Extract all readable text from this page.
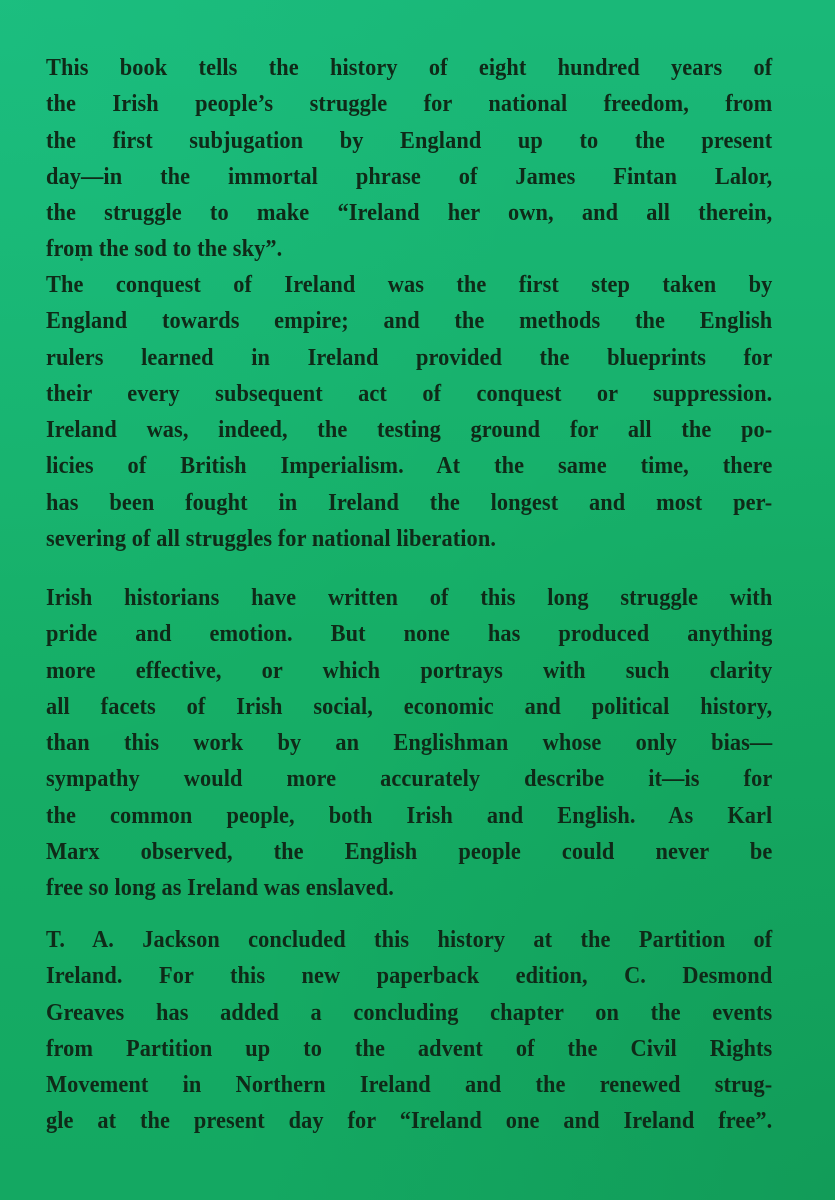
This book tells the history of eight hundred years of
the Irish people’s struggle for national freedom, from
the first subjugation by England up to the present
day—in the immortal phrase of James Fintan Lalor,
the struggle to make “Ireland her own, and all therein,
from the sod to the sky”.
The conquest of Ireland was the first step taken by
England towards empire; and the methods the English
rulers learned in Ireland provided the blueprints for
their every subsequent act of conquest or suppression.
Ireland was, indeed, the testing ground for all the po-
licies of British Imperialism. At the same time, there
has been fought in Ireland the longest and most per-
severing of all struggles for national liberation.
Irish historians have written of this long struggle with
pride and emotion. But none has produced anything
more effective, or which portrays with such clarity
all facets of Irish social, economic and political history,
than this work by an Englishman whose only bias—
sympathy would more accurately describe it—is for
the common people, both Irish and English. As Karl
Marx observed, the English people could never be
free so long as Ireland was enslaved.
T. A. Jackson concluded this history at the Partition of
Ireland. For this new paperback edition, C. Desmond
Greaves has added a concluding chapter on the events
from Partition up to the advent of the Civil Rights
Movement in Northern Ireland and the renewed strug-
gle at the present day for “Ireland one and Ireland free”.
